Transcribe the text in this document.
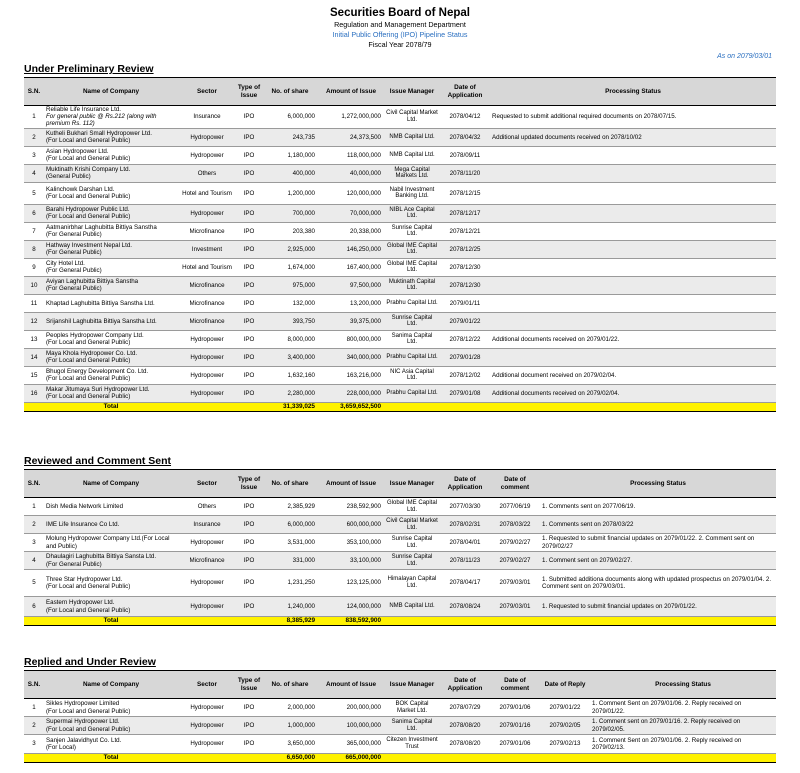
Securities Board of Nepal
Regulation and Management Department
Initial Public Offering (IPO) Pipeline Status
Fiscal Year 2078/79
As on 2079/03/01
Under Preliminary Review
S.N.	Name of Company	Sector	Type of Issue	No. of share	Amount of Issue	Issue Manager	Date of Application	Processing Status
1	Reliable Life Insurance Ltd.
For general public @ Rs.212 (along with premium Rs. 112)	Insurance	IPO	6,000,000	1,272,000,000	Civil Capital Market Ltd.	2078/04/12	Requested to submit additional required documents on 2078/07/15.
2	Kutheli Bukhari Small Hydropower Ltd.
(For Local and General Public)	Hydropower	IPO	243,735	24,373,500	NMB Capital Ltd.	2078/04/32	Additional updated documents received on 2078/10/02
3	Asian Hydropower Ltd.
(For Local and General Public)	Hydropower	IPO	1,180,000	118,000,000	NMB Capital Ltd.	2078/09/11	
4	Muktinath Krishi Company Ltd.
(General Public)	Others	IPO	400,000	40,000,000	Mega Capital Markets Ltd.	2078/11/20	
5	Kalinchowk Darshan Ltd.
(For Local and General Public)	Hotel and Tourism	IPO	1,200,000	120,000,000	Nabil Investment Banking Ltd.	2078/12/15	
6	Barahi Hydropower Public Ltd.
(For Local and General Public)	Hydropower	IPO	700,000	70,000,000	NIBL Ace Capital Ltd.	2078/12/17	
7	Aatmanirbhar Laghubitta Bittiya Sanstha
(For General Public)	Microfinance	IPO	203,380	20,338,000	Sunrise Capital Ltd.	2078/12/21	
8	Hathway Investment Nepal Ltd.
(For General Public)	Investment	IPO	2,925,000	146,250,000	Global IME Capital Ltd.	2078/12/25	
9	City Hotel Ltd.
(For General Public)	Hotel and Tourism	IPO	1,674,000	167,400,000	Global IME Capital Ltd.	2078/12/30	
10	Aviyan Laghubitta Bittiya Sanstha
(For General Public)	Microfinance	IPO	975,000	97,500,000	Muktinath Capital Ltd.	2078/12/30	
11	Khaptad Laghubitta Bittiya Sanstha Ltd.	Microfinance	IPO	132,000	13,200,000	Prabhu Capital Ltd.	2079/01/11	
12	Srijanshil Laghubitta Bittiya Sanstha Ltd.	Microfinance	IPO	393,750	39,375,000	Sunrise Capital Ltd.	2079/01/22	
13	Peoples Hydropower Company Ltd.
(For Local and General Public)	Hydropower	IPO	8,000,000	800,000,000	Sanima Capital Ltd.	2078/12/22	Additional documents received on 2079/01/22.
14	Maya Khola Hydropower Co. Ltd.
(For Local and General Public)	Hydropower	IPO	3,400,000	340,000,000	Prabhu Capital Ltd.	2079/01/28	
15	Bhugol Energy Development Co. Ltd.
(For Local and General Public)	Hydropower	IPO	1,632,160	163,216,000	NIC Asia Capital Ltd.	2078/12/02	Additional document received on 2079/02/04.
16	Makar Jitumaya Suri Hydropower Ltd.
(For Local and General Public)	Hydropower	IPO	2,280,000	228,000,000	Prabhu Capital Ltd.	2079/01/08	Additional documents received on 2079/02/04.
	Total			31,339,025	3,659,652,500			
Reviewed and Comment Sent
S.N.	Name of Company	Sector	Type of Issue	No. of share	Amount of Issue	Issue Manager	Date of Application	Date of comment	Processing Status
1	Dish Media Network Limited	Others	IPO	2,385,929	238,592,900	Global IME Capital Ltd.	2077/03/30	2077/06/19	1. Comments sent on 2077/06/19.
2	IME Life Insurance Co Ltd.	Insurance	IPO	6,000,000	600,000,000	Civil Capital Market Ltd.	2078/02/31	2078/03/22	1. Comments sent on 2078/03/22
3	Molung Hydropower Company Ltd.(For Local and Public)	Hydropower	IPO	3,531,000	353,100,000	Sunrise Capital Ltd.	2078/04/01	2079/02/27	1. Requested to submit financial updates on 2079/01/22. 2. Comment sent on 2079/02/27
4	Dhaulagiri Laghubitta Bittiya Sansta Ltd.
(For General Public)	Microfinance	IPO	331,000	33,100,000	Sunrise Capital Ltd.	2078/11/23	2079/02/27	1. Comment sent on 2079/02/27.
5	Three Star Hydropower Ltd.
(For Local and General Public)	Hydropower	IPO	1,231,250	123,125,000	Himalayan Capital Ltd.	2078/04/17	2079/03/01	1. Submitted additiona documents along with updated prospectus on 2079/01/04. 2. Comment sent on 2079/03/01.
6	Eastern Hydropower Ltd.
(For Local and General Public)	Hydropower	IPO	1,240,000	124,000,000	NMB Capital Ltd.	2078/08/24	2079/03/01	1. Requested to submit financial updates on 2079/01/22.
	Total			8,385,929	838,592,900				
Replied and Under Review
S.N.	Name of Company	Sector	Type of Issue	No. of share	Amount of Issue	Issue Manager	Date of Application	Date of comment	Date of Reply	Processing Status
1	Sikles Hydropower Limited
(For Local and General Public)	Hydropower	IPO	2,000,000	200,000,000	BOK Capital Market Ltd.	2078/07/29	2079/01/06	2079/01/22	1. Comment Sent on 2079/01/06. 2. Reply received on 2079/01/22.
2	Supermai Hydropower Ltd.
(For Local and General Public)	Hydropower	IPO	1,000,000	100,000,000	Sanima Capital Ltd.	2078/08/20	2079/01/16	2079/02/05	1. Comment sent on 2079/01/16. 2. Reply received on 2079/02/05.
3	Sanjen Jalavidhyut Co. Ltd.
(For Local)	Hydropower	IPO	3,650,000	365,000,000	Citezen Investment Trust	2078/08/20	2079/01/06	2079/02/13	1. Comment Sent on 2079/01/06. 2. Reply received on 2079/02/13.
	Total			6,650,000	665,000,000					
